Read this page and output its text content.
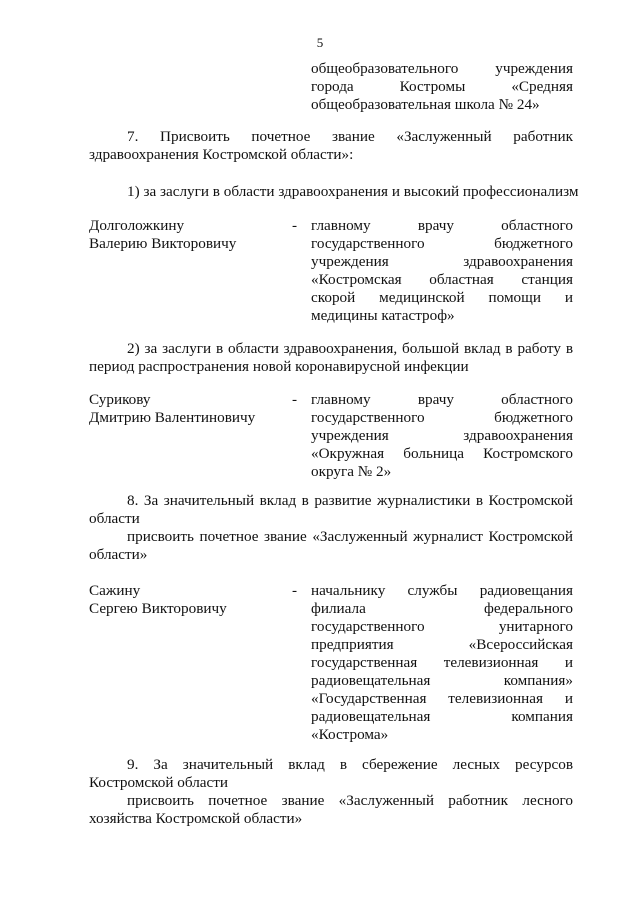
5
общеобразовательного учреждения
города Костромы «Средняя
общеобразовательная школа № 24»
7. Присвоить почетное звание «Заслуженный работник
здравоохранения Костромской области»:
1) за заслуги в области здравоохранения и высокий профессионализм
Долголожкину
Валерию Викторовичу
- главному врачу областного
государственного бюджетного
учреждения здравоохранения
«Костромская областная станция
скорой медицинской помощи и
медицины катастроф»
2) за заслуги в области здравоохранения, большой вклад в работу в
период распространения новой коронавирусной инфекции
Сурикову
Дмитрию Валентиновичу
- главному врачу областного
государственного бюджетного
учреждения здравоохранения
«Окружная больница Костромского
округа № 2»
8. За значительный вклад в развитие журналистики в Костромской
области
присвоить почетное звание «Заслуженный журналист Костромской
области»
Сажину
Сергею Викторовичу
- начальнику службы радиовещания
филиала федерального
государственного унитарного
предприятия «Всероссийская
государственная телевизионная и
радиовещательная компания»
«Государственная телевизионная и
радиовещательная компания
«Кострома»
9. За значительный вклад в сбережение лесных ресурсов
Костромской области
присвоить почетное звание «Заслуженный работник лесного
хозяйства Костромской области»
